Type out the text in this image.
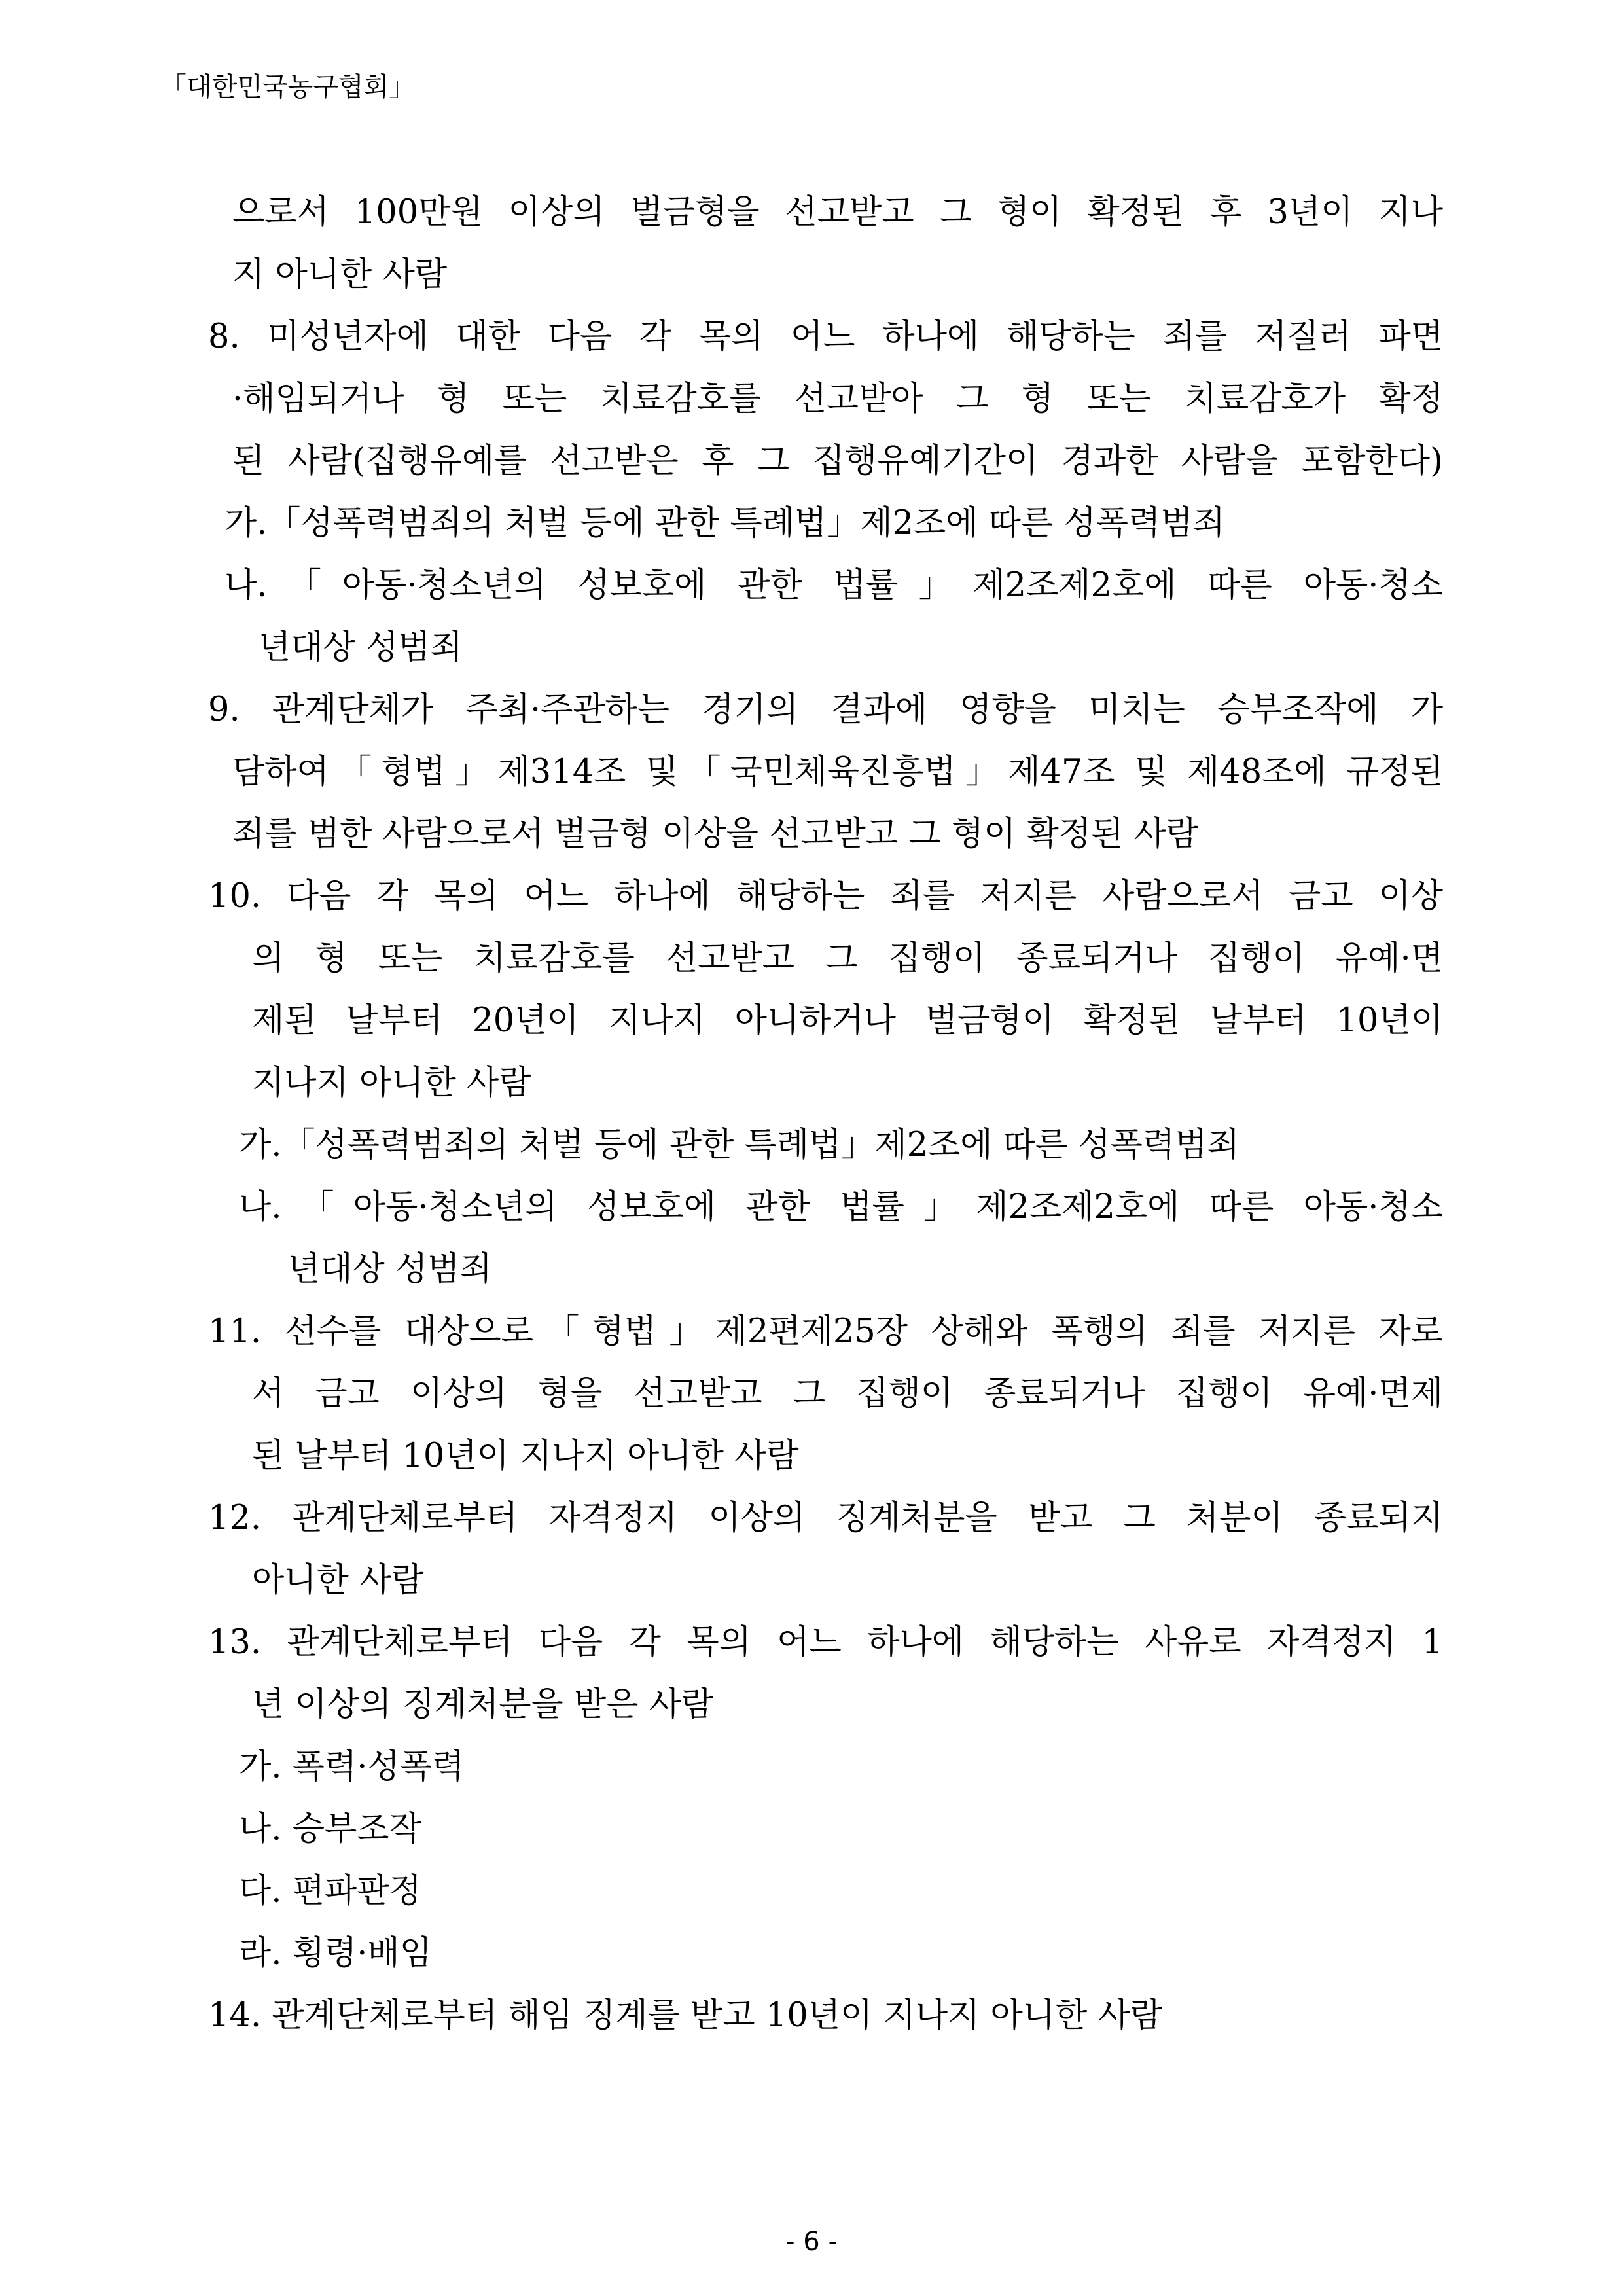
「대한민국농구협회」
으로서 100만원 이상의 벌금형을 선고받고 그 형이 확정된 후 3년이 지나
지 아니한 사람
8. 미성년자에 대한 다음 각 목의 어느 하나에 해당하는 죄를 저질러 파면
·해임되거나 형 또는 치료감호를 선고받아 그 형 또는 치료감호가 확정
된 사람(집행유예를 선고받은 후 그 집행유예기간이 경과한 사람을 포함한다)
가.「성폭력범죄의 처벌 등에 관한 특례법」제2조에 따른 성폭력범죄
나.「아동·청소년의 성보호에 관한 법률」제2조제2호에 따른 아동·청소
년대상 성범죄
9. 관계단체가 주최·주관하는 경기의 결과에 영향을 미치는 승부조작에 가
담하여「형법」제314조 및「국민체육진흥법」제47조 및 제48조에 규정된
죄를 범한 사람으로서 벌금형 이상을 선고받고 그 형이 확정된 사람
10. 다음 각 목의 어느 하나에 해당하는 죄를 저지른 사람으로서 금고 이상
의 형 또는 치료감호를 선고받고 그 집행이 종료되거나 집행이 유예·면
제된 날부터 20년이 지나지 아니하거나 벌금형이 확정된 날부터 10년이
지나지 아니한 사람
가.「성폭력범죄의 처벌 등에 관한 특례법」제2조에 따른 성폭력범죄
나.「아동·청소년의 성보호에 관한 법률」제2조제2호에 따른 아동·청소
년대상 성범죄
11. 선수를 대상으로「형법」제2편제25장 상해와 폭행의 죄를 저지른 자로
서 금고 이상의 형을 선고받고 그 집행이 종료되거나 집행이 유예·면제
된 날부터 10년이 지나지 아니한 사람
12. 관계단체로부터 자격정지 이상의 징계처분을 받고 그 처분이 종료되지
아니한 사람
13. 관계단체로부터 다음 각 목의 어느 하나에 해당하는 사유로 자격정지 1
년 이상의 징계처분을 받은 사람
가. 폭력·성폭력
나. 승부조작
다. 편파판정
라. 횡령·배임
14. 관계단체로부터 해임 징계를 받고 10년이 지나지 아니한 사람
- 6 -
